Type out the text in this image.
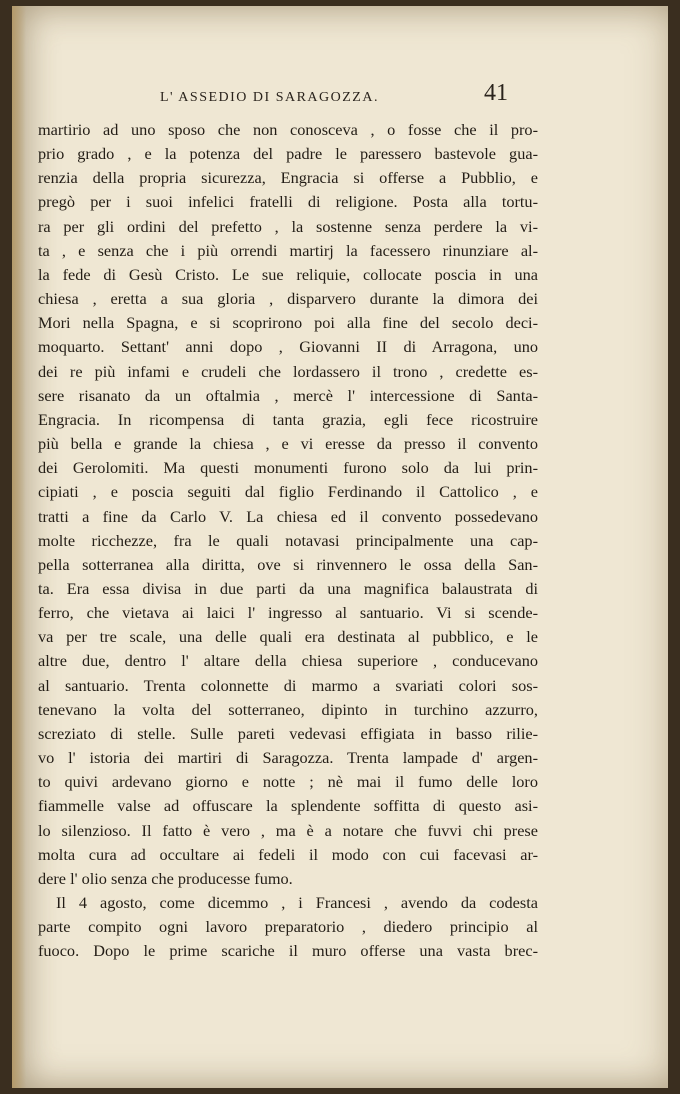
L' ASSEDIO DI SARAGOZZA.	41
martirio ad uno sposo che non conosceva , o fosse che il pro-
prio grado , e la potenza del padre le paressero bastevole gua-
renzia della propria sicurezza, Engracia si offerse a Pubblio, e
pregò per i suoi infelici fratelli di religione. Posta alla tortu-
ra per gli ordini del prefetto , la sostenne senza perdere la vi-
ta , e senza che i più orrendi martirj la facessero rinunziare al-
la fede di Gesù Cristo. Le sue reliquie, collocate poscia in una
chiesa , eretta a sua gloria , disparvero durante la dimora dei
Mori nella Spagna, e si scoprirono poi alla fine del secolo deci-
moquarto. Settant' anni dopo , Giovanni II di Arragona, uno
dei re più infami e crudeli che lordassero il trono , credette es-
sere risanato da un oftalmia , mercè l' intercessione di Santa-
Engracia. In ricompensa di tanta grazia, egli fece ricostruire
più bella e grande la chiesa , e vi eresse da presso il convento
dei Gerolomiti. Ma questi monumenti furono solo da lui prin-
cipiati , e poscia seguiti dal figlio Ferdinando il Cattolico , e
tratti a fine da Carlo V. La chiesa ed il convento possedevano
molte ricchezze, fra le quali notavasi principalmente una cap-
pella sotterranea alla diritta, ove si rinvennero le ossa della San-
ta. Era essa divisa in due parti da una magnifica balaustrata di
ferro, che vietava ai laici l' ingresso al santuario. Vi si scende-
va per tre scale, una delle quali era destinata al pubblico, e le
altre due, dentro l' altare della chiesa superiore , conducevano
al santuario. Trenta colonnette di marmo a svariati colori sos-
tenevano la volta del sotterraneo, dipinto in turchino azzurro,
screziato di stelle. Sulle pareti vedevasi effigiata in basso rilie-
vo l' istoria dei martiri di Saragozza. Trenta lampade d' argen-
to quivi ardevano giorno e notte ; nè mai il fumo delle loro
fiammelle valse ad offuscare la splendente soffitta di questo asi-
lo silenzioso. Il fatto è vero , ma è a notare che fuvvi chi prese
molta cura ad occultare ai fedeli il modo con cui facevasi ar-
dere l' olio senza che producesse fumo.
Il 4 agosto, come dicemmo , i Francesi , avendo da codesta
parte compito ogni lavoro preparatorio , diedero principio al
fuoco. Dopo le prime scariche il muro offerse una vasta brec-
